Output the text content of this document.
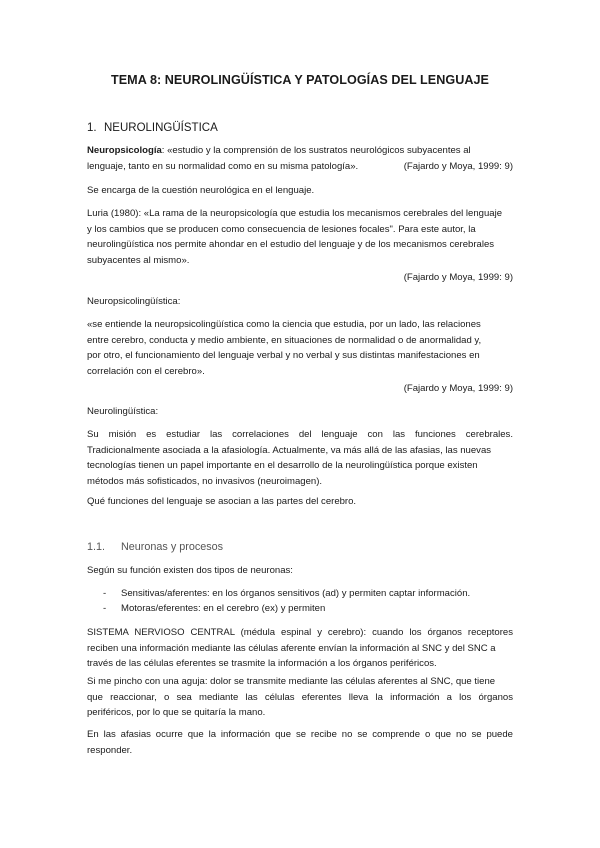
TEMA 8: NEUROLINGÜÍSTICA Y PATOLOGÍAS DEL LENGUAJE
1. NEUROLINGÜÍSTICA
Neuropsicología: «estudio y la comprensión de los sustratos neurológicos subyacentes al
lenguaje, tanto en su normalidad como en su misma patología».	(Fajardo y Moya, 1999: 9)

Se encarga de la cuestión neurológica en el lenguaje.

Luria (1980): «La rama de la neuropsicología que estudia los mecanismos cerebrales del lenguaje
y los cambios que se producen como consecuencia de lesiones focales". Para este autor, la
neurolingüística nos permite ahondar en el estudio del lenguaje y de los mecanismos cerebrales
subyacentes al mismo».

(Fajardo y Moya, 1999: 9)

Neuropsicolingüística:

«se entiende la neuropsicolingüística como la ciencia que estudia, por un lado, las relaciones
entre cerebro, conducta y medio ambiente, en situaciones de normalidad o de anormalidad y,
por otro, el funcionamiento del lenguaje verbal y no verbal y sus distintas manifestaciones en
correlación con el cerebro».

(Fajardo y Moya, 1999: 9)

Neurolingüística:

Su misión es estudiar las correlaciones del lenguaje con las funciones cerebrales.
Tradicionalmente asociada a la afasiología. Actualmente, va más allá de las afasias, las nuevas
tecnologías tienen un papel importante en el desarrollo de la neurolingüística porque existen
métodos más sofisticados, no invasivos (neuroimagen).

Qué funciones del lenguaje se asocian a las partes del cerebro.

1.1. Neuronas y procesos

Según su función existen dos tipos de neuronas:

- Sensitivas/aferentes: en los órganos sensitivos (ad) y permiten captar información.
- Motoras/eferentes: en el cerebro (ex) y permiten
SISTEMA NERVIOSO CENTRAL (médula espinal y cerebro): cuando los órganos receptores
reciben una información mediante las células aferente envían la información al SNC y del SNC a
través de las células eferentes se trasmite la información a los órganos periféricos.
Si me pincho con una aguja: dolor se transmite mediante las células aferentes al SNC, que tiene
que reaccionar, o sea mediante las células eferentes lleva la información a los órganos
periféricos, por lo que se quitaría la mano.
En las afasias ocurre que la información que se recibe no se comprende o que no se puede
responder.
